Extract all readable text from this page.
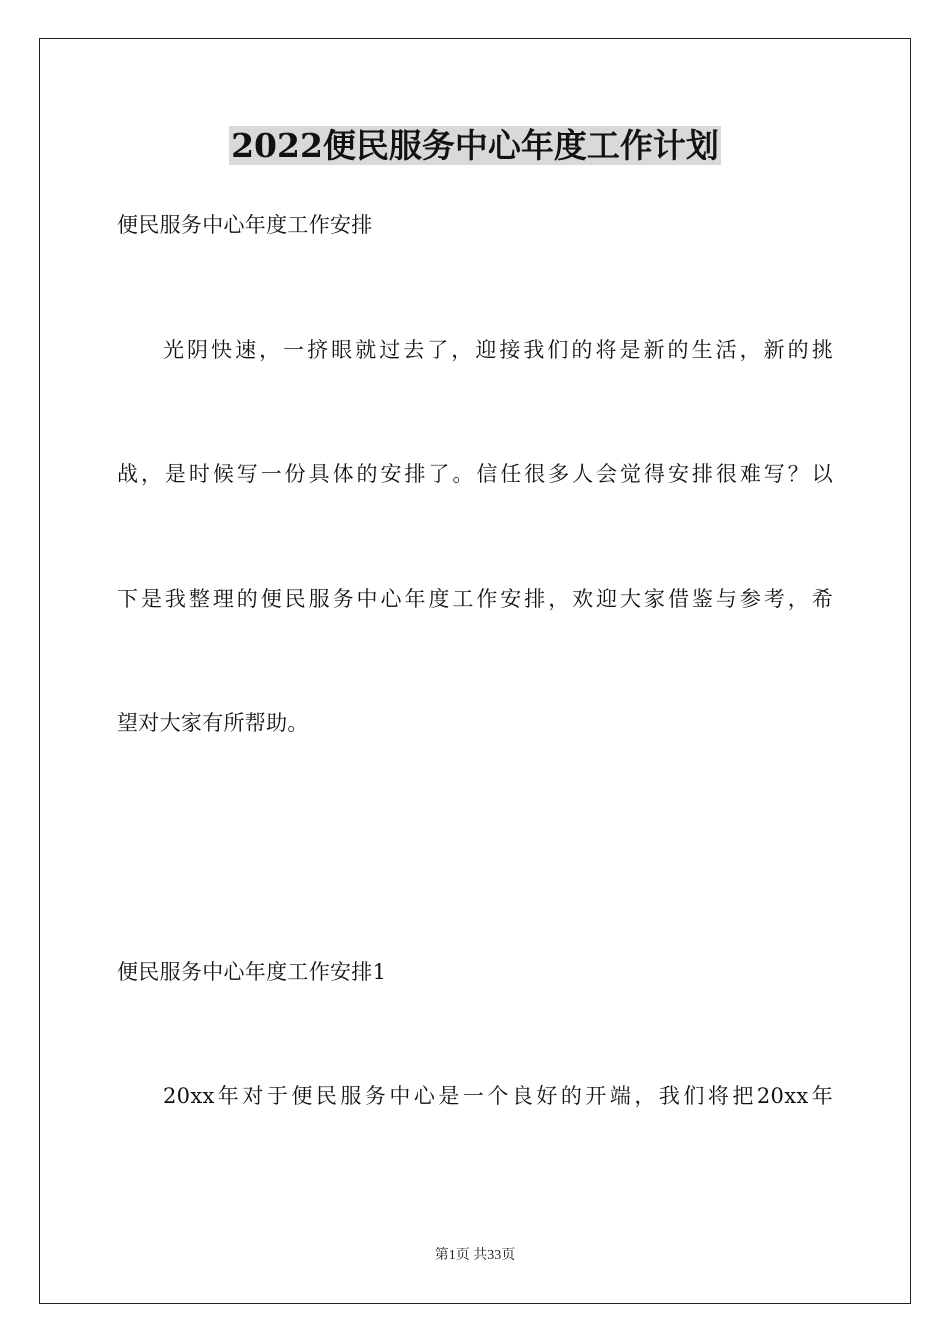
2022便民服务中心年度工作计划

便民服务中心年度工作安排

光阴快速，一挤眼就过去了，迎接我们的将是新的生活，新的挑

战，是时候写一份具体的安排了。信任很多人会觉得安排很难写？以

下是我整理的便民服务中心年度工作安排，欢迎大家借鉴与参考，希

望对大家有所帮助。

便民服务中心年度工作安排1

20xx年对于便民服务中心是一个良好的开端，我们将把20xx年

第1页 共33页
